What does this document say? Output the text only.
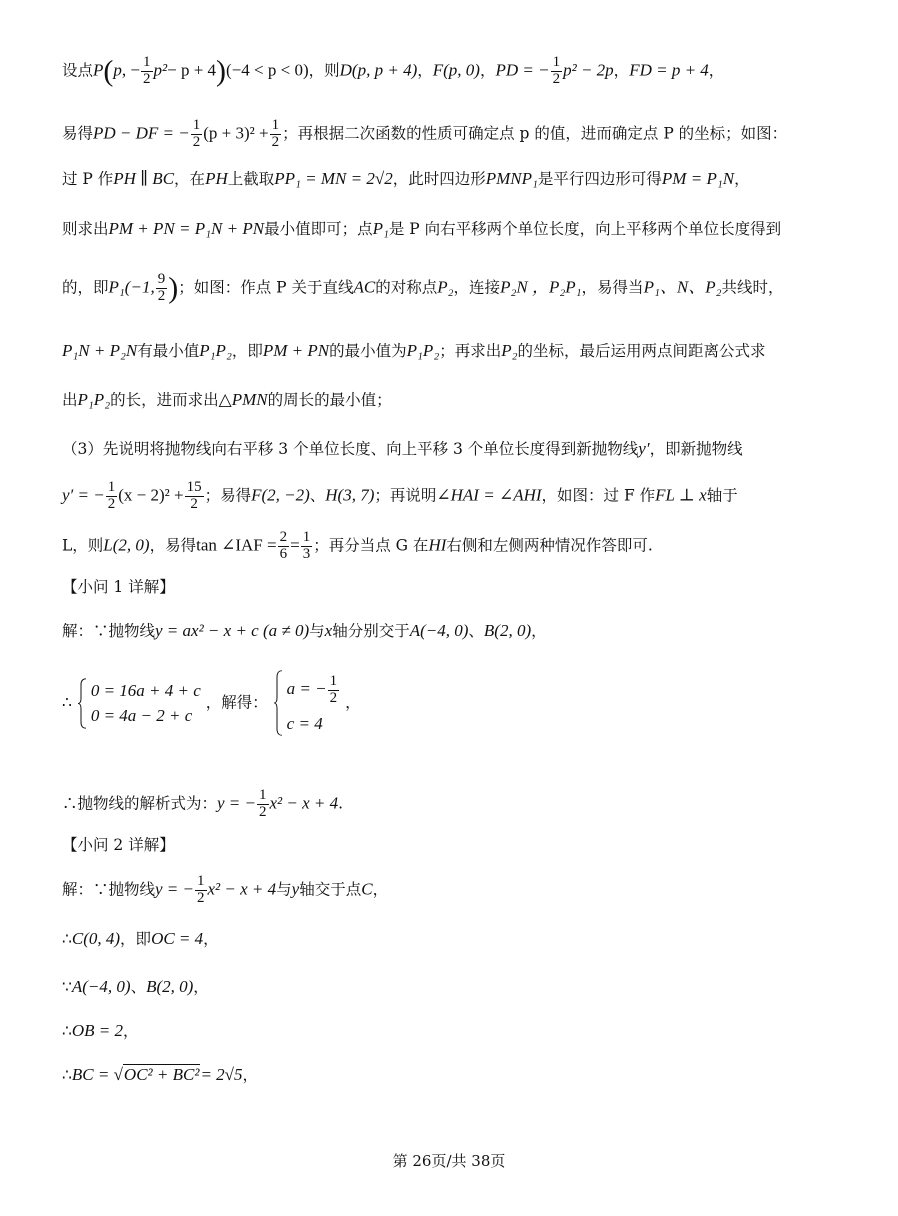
设点P(p, − $\frac{1}{2} p^2- p + 4)(-4 < p < 0)$，则D(p, p + 4)，F(p, 0)，PD = − $\frac{1}{2} p^2 - 2p$，FD = p + 4，
易得PD − DF = − $\frac{1}{2} (p + 3)^2 + \frac{1}{2}$ ；再根据二次函数的性质可确定点 p 的值，进而确定点 P 的坐标；如图：
过 P 作PH ∥ BC，在PH上截取PP₁ = MN = 2√2，此时四边形PMNP₁是平行四边形可得PM = P₁N，
则求出PM + PN = P₁N + PN最小值即可；点P₁是 P 向右平移两个单位长度，向上平移两个单位长度得到
的，即P₁(−1, $\frac{9}{2}$ )；如图：作点 P 关于直线AC的对称点P₂，连接P₂N ，P₂P₁，易得当P₁、N、P₂共线时，
P₁N + P₂N有最小值P₁P₂，即PM + PN的最小值为P₁P₂；再求出P₂的坐标，最后运用两点间距离公式求
出P₁P₂的长，进而求出△PMN的周长的最小值；
（3）先说明将抛物线向右平移 3 个单位长度、向上平移 3 个单位长度得到新抛物线y′，即新抛物线
y′ = − $\frac{1}{2} (x - 2)^2 + \frac{15}{2}$ ；易得F(2, −2)、H(3, 7)；再说明∠HAI = ∠AHI，如图：过 F 作FL ⊥ x轴于
L，则L(2, 0)，易得tan ∠IAF = $\frac{2}{6} = \frac{1}{3}$ ；再分当点 G 在HI右侧和左侧两种情况作答即可.
【小问 1 详解】
解：∵抛物线y = ax² − x + c (a ≠ 0)与x轴分别交于A(−4, 0)、B(2, 0)，
∴
0 = 16a + 4 + c
0 = 4a − 2 + c
，解得：
a = − $\frac{1}{2}$
c = 4
，
∴抛物线的解析式为：y = − $\frac{1}{2} x^2 - x + 4$.
【小问 2 详解】
解：∵抛物线y = − $\frac{1}{2} x^2 - x + 4$与y轴交于点C，
∴C(0, 4)，即OC = 4，
∵A(−4, 0)、B(2, 0)，
∴OB = 2，
∴BC = √OC² + BC²= 2√5，
第 26页/共 38页
